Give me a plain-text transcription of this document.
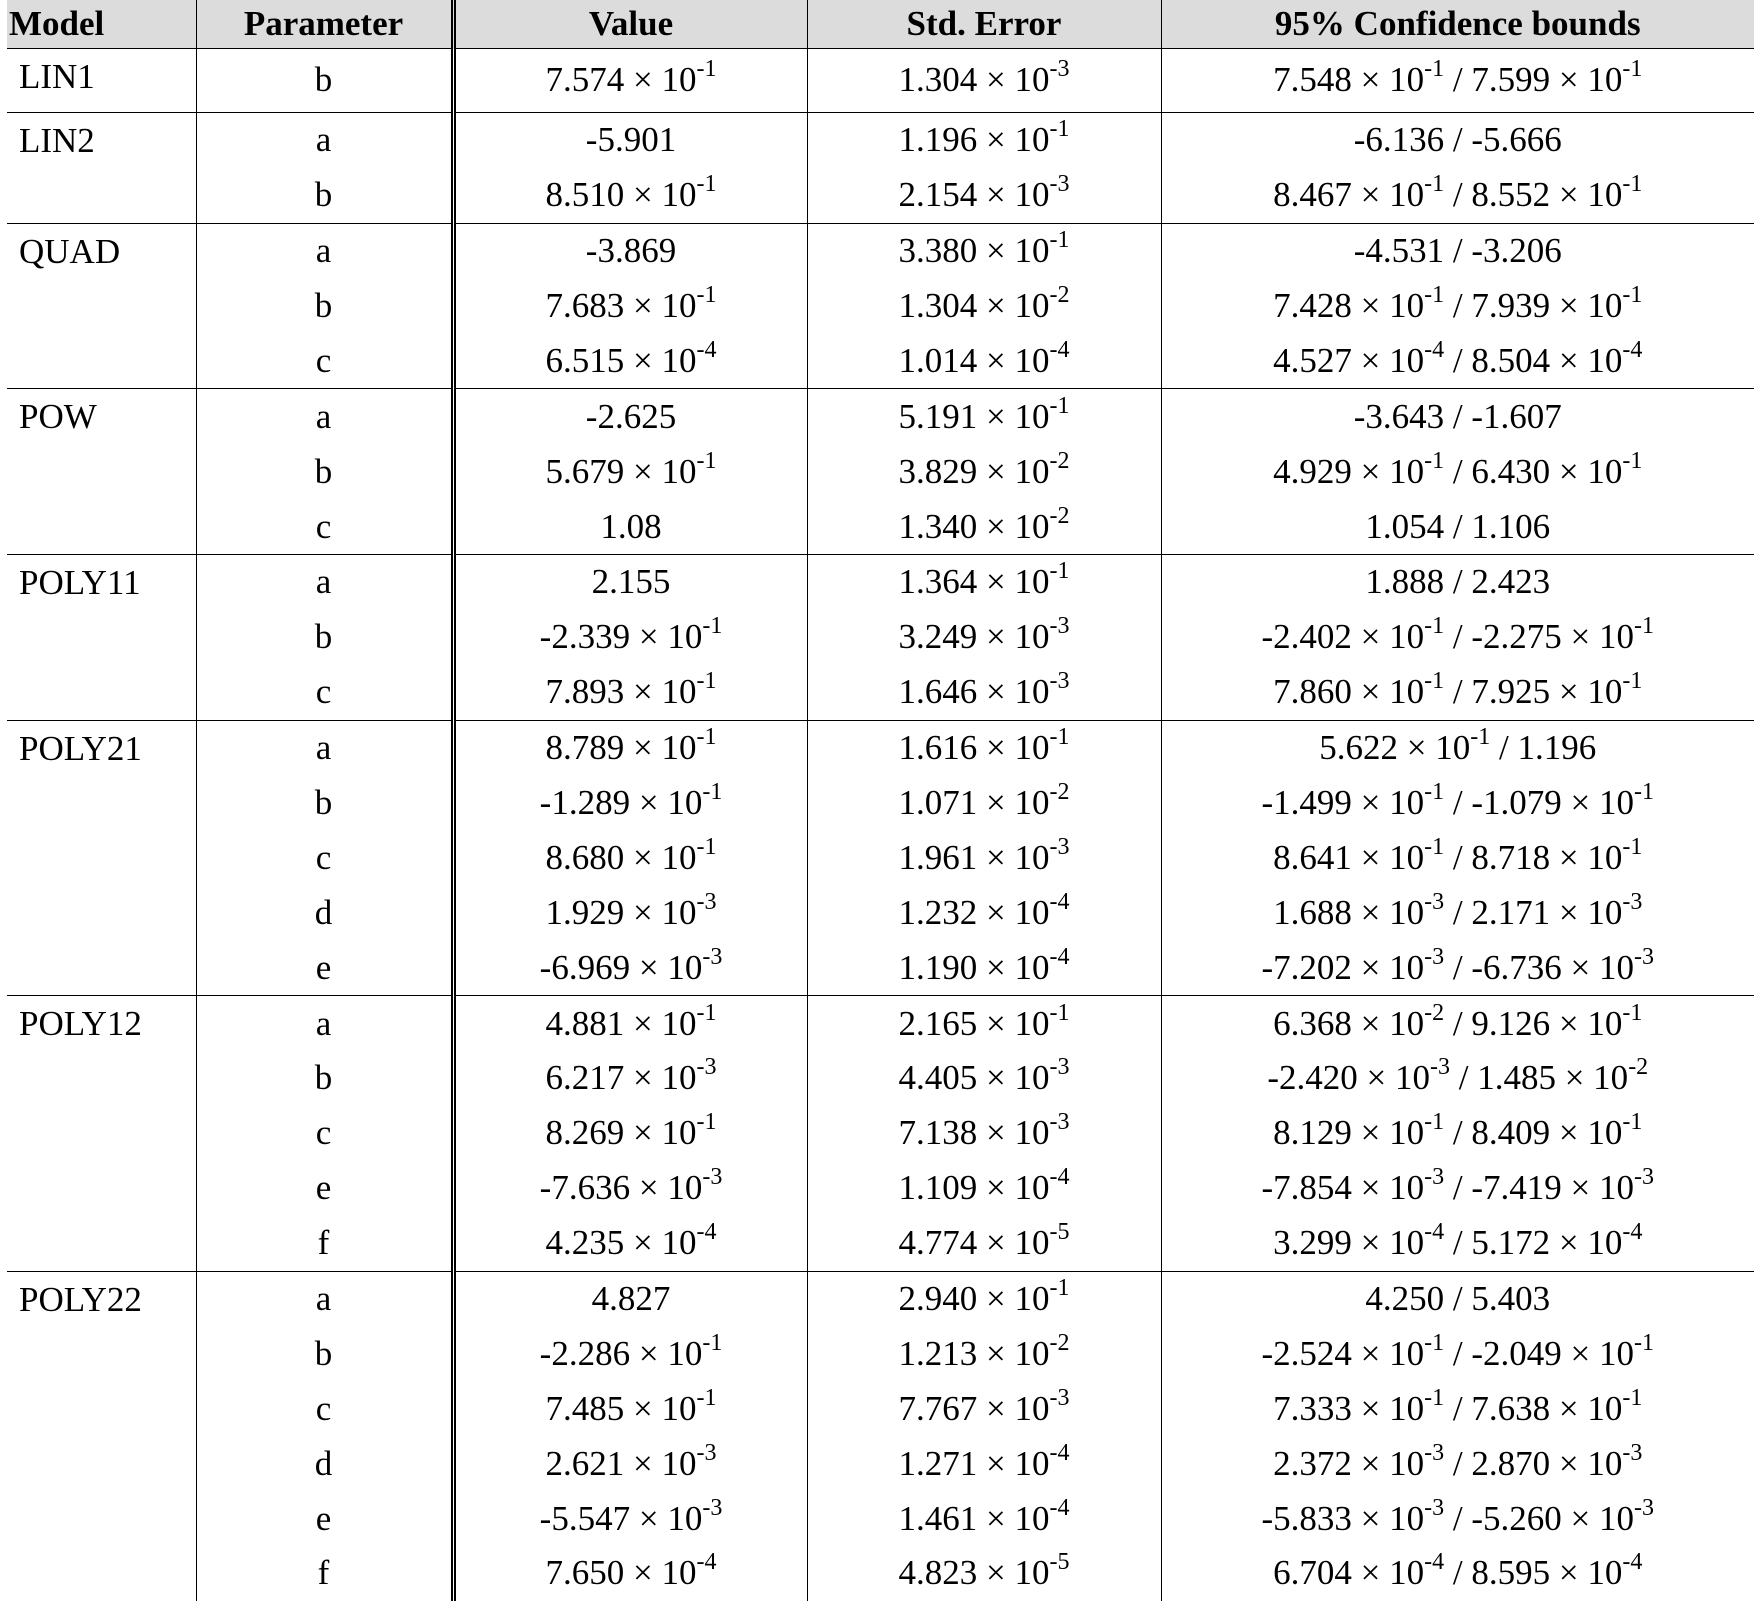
Model	Parameter	Value	Std. Error	95% Confidence bounds
LIN1	b	$7.574 \times 10^{-1}$	$1.304 \times 10^{-3}$	$7.548 \times 10^{-1} / 7.599 \times 10^{-1}$
LIN2	a	-5.901	$1.196 \times 10^{-1}$	-6.136 / -5.666
	b	$8.510 \times 10^{-1}$	$2.154 \times 10^{-3}$	$8.467 \times 10^{-1} / 8.552 \times 10^{-1}$
QUAD	a	-3.869	$3.380 \times 10^{-1}$	-4.531 / -3.206
	b	$7.683 \times 10^{-1}$	$1.304 \times 10^{-2}$	$7.428 \times 10^{-1} / 7.939 \times 10^{-1}$
	c	$6.515 \times 10^{-4}$	$1.014 \times 10^{-4}$	$4.527 \times 10^{-4} / 8.504 \times 10^{-4}$
POW	a	-2.625	$5.191 \times 10^{-1}$	-3.643 / -1.607
	b	$5.679 \times 10^{-1}$	$3.829 \times 10^{-2}$	$4.929 \times 10^{-1} / 6.430 \times 10^{-1}$
	c	1.08	$1.340 \times 10^{-2}$	1.054 / 1.106
POLY11	a	2.155	$1.364 \times 10^{-1}$	1.888 / 2.423
	b	$-2.339 \times 10^{-1}$	$3.249 \times 10^{-3}$	$-2.402 \times 10^{-1} / -2.275 \times 10^{-1}$
	c	$7.893 \times 10^{-1}$	$1.646 \times 10^{-3}$	$7.860 \times 10^{-1} / 7.925 \times 10^{-1}$
POLY21	a	$8.789 \times 10^{-1}$	$1.616 \times 10^{-1}$	$5.622 \times 10^{-1} / 1.196$
	b	$-1.289 \times 10^{-1}$	$1.071 \times 10^{-2}$	$-1.499 \times 10^{-1} / -1.079 \times 10^{-1}$
	c	$8.680 \times 10^{-1}$	$1.961 \times 10^{-3}$	$8.641 \times 10^{-1} / 8.718 \times 10^{-1}$
	d	$1.929 \times 10^{-3}$	$1.232 \times 10^{-4}$	$1.688 \times 10^{-3} / 2.171 \times 10^{-3}$
	e	$-6.969 \times 10^{-3}$	$1.190 \times 10^{-4}$	$-7.202 \times 10^{-3} / -6.736 \times 10^{-3}$
POLY12	a	$4.881 \times 10^{-1}$	$2.165 \times 10^{-1}$	$6.368 \times 10^{-2} / 9.126 \times 10^{-1}$
	b	$6.217 \times 10^{-3}$	$4.405 \times 10^{-3}$	$-2.420 \times 10^{-3} / 1.485 \times 10^{-2}$
	c	$8.269 \times 10^{-1}$	$7.138 \times 10^{-3}$	$8.129 \times 10^{-1} / 8.409 \times 10^{-1}$
	e	$-7.636 \times 10^{-3}$	$1.109 \times 10^{-4}$	$-7.854 \times 10^{-3} / -7.419 \times 10^{-3}$
	f	$4.235 \times 10^{-4}$	$4.774 \times 10^{-5}$	$3.299 \times 10^{-4} / 5.172 \times 10^{-4}$
POLY22	a	4.827	$2.940 \times 10^{-1}$	4.250 / 5.403
	b	$-2.286 \times 10^{-1}$	$1.213 \times 10^{-2}$	$-2.524 \times 10^{-1} / -2.049 \times 10^{-1}$
	c	$7.485 \times 10^{-1}$	$7.767 \times 10^{-3}$	$7.333 \times 10^{-1} / 7.638 \times 10^{-1}$
	d	$2.621 \times 10^{-3}$	$1.271 \times 10^{-4}$	$2.372 \times 10^{-3} / 2.870 \times 10^{-3}$
	e	$-5.547 \times 10^{-3}$	$1.461 \times 10^{-4}$	$-5.833 \times 10^{-3} / -5.260 \times 10^{-3}$
	f	$7.650 \times 10^{-4}$	$4.823 \times 10^{-5}$	$6.704 \times 10^{-4} / 8.595 \times 10^{-4}$
